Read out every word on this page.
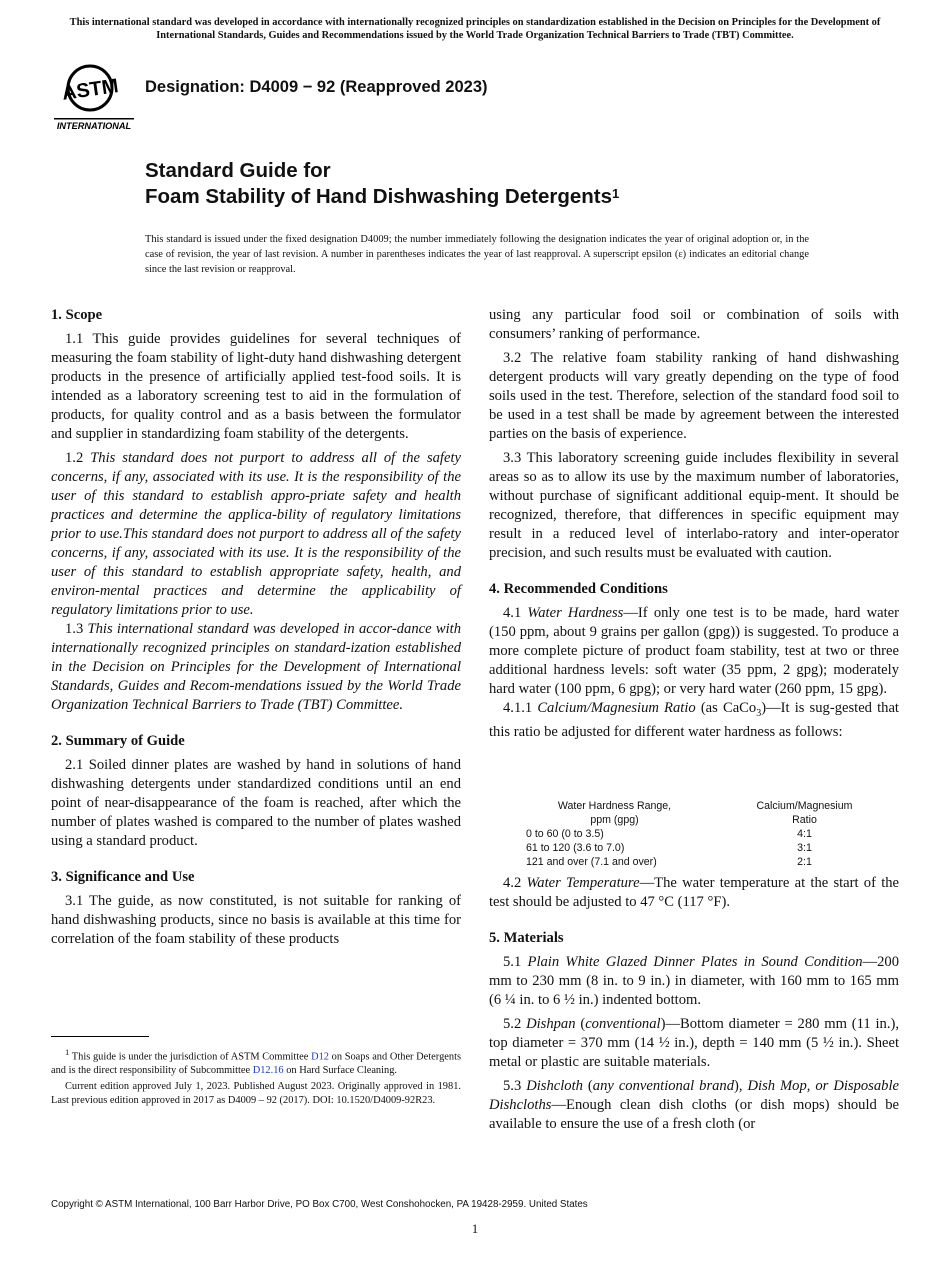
This international standard was developed in accordance with internationally recognized principles on standardization established in the Decision on Principles for the Development of International Standards, Guides and Recommendations issued by the World Trade Organization Technical Barriers to Trade (TBT) Committee.
ASTM
INTERNATIONAL
Designation: D4009 − 92 (Reapproved 2023)
Standard Guide for
Foam Stability of Hand Dishwashing Detergents$^1$
This standard is issued under the fixed designation D4009; the number immediately following the designation indicates the year of original adoption or, in the case of revision, the year of last revision. A number in parentheses indicates the year of last reapproval. A superscript epsilon (ε) indicates an editorial change since the last revision or reapproval.
1. Scope

1.1 This guide provides guidelines for several techniques of measuring the foam stability of light-duty hand dishwashing detergent products in the presence of artificially applied test-food soils. It is intended as a laboratory screening test to aid in the formulation of products, for quality control and as a basis between the formulator and supplier in standardizing foam stability of the detergents.

1.2 This standard does not purport to address all of the safety concerns, if any, associated with its use. It is the responsibility of the user of this standard to establish appro-priate safety and health practices and determine the applica-bility of regulatory limitations prior to use.This standard does not purport to address all of the safety concerns, if any, associated with its use. It is the responsibility of the user of this standard to establish appropriate safety, health, and environ-mental practices and determine the applicability of regulatory limitations prior to use.

1.3 This international standard was developed in accor-dance with internationally recognized principles on standard-ization established in the Decision on Principles for the Development of International Standards, Guides and Recom-mendations issued by the World Trade Organization Technical Barriers to Trade (TBT) Committee.

2. Summary of Guide

2.1 Soiled dinner plates are washed by hand in solutions of hand dishwashing detergents under standardized conditions until an end point of near-disappearance of the foam is reached, after which the number of plates washed is compared to the number of plates washed using a standard product.

3. Significance and Use

3.1 The guide, as now constituted, is not suitable for ranking of hand dishwashing products, since no basis is available at this time for correlation of the foam stability of these products

$^1$ This guide is under the jurisdiction of ASTM Committee D12 on Soaps and Other Detergents and is the direct responsibility of Subcommittee D12.16 on Hard Surface Cleaning.

Current edition approved July 1, 2023. Published August 2023. Originally approved in 1981. Last previous edition approved in 2017 as D4009 – 92 (2017). DOI: 10.1520/D4009-92R23.

using any particular food soil or combination of soils with consumers’ ranking of performance.

3.2 The relative foam stability ranking of hand dishwashing detergent products will vary greatly depending on the type of food soils used in the test. Therefore, selection of the standard food soil to be used in a test shall be made by agreement between the interested parties on the basis of experience.

3.3 This laboratory screening guide includes flexibility in several areas so as to allow its use by the maximum number of laboratories, without purchase of significant additional equip-ment. It should be recognized, therefore, that differences in specific equipment may result in a reduced level of interlabo-ratory and inter-operator precision, and such results must be evaluated with caution.

4. Recommended Conditions

4.1 Water Hardness—If only one test is to be made, hard water (150 ppm, about 9 grains per gallon (gpg)) is suggested. To produce a more complete picture of product foam stability, test at two or three additional hardness levels: soft water (35 ppm, 2 gpg); moderately hard water (100 ppm, 6 gpg); or very hard water (260 ppm, 15 gpg).

4.1.1 Calcium/Magnesium Ratio (as CaCo$_3$)—It is sug-gested that this ratio be adjusted for different water hardness as follows:

Water Hardness Range,
ppm (gpg)	Calcium/Magnesium
Ratio
0 to 60 (0 to 3.5)	4:1
61 to 120 (3.6 to 7.0)	3:1
121 and over (7.1 and over)	2:1

4.2 Water Temperature—The water temperature at the start of the test should be adjusted to 47 °C (117 °F).

5. Materials

5.1 Plain White Glazed Dinner Plates in Sound Condition—200 mm to 230 mm (8 in. to 9 in.) in diameter, with 160 mm to 165 mm (6 ¼ in. to 6 ½ in.) indented bottom.

5.2 Dishpan (conventional)—Bottom diameter = 280 mm (11 in.), top diameter = 370 mm (14 ½ in.), depth = 140 mm (5 ½ in.). Sheet metal or plastic are suitable materials.

5.3 Dishcloth (any conventional brand), Dish Mop, or Disposable Dishcloths—Enough clean dish cloths (or dish mops) should be available to ensure the use of a fresh cloth (or

Copyright © ASTM International, 100 Barr Harbor Drive, PO Box C700, West Conshohocken, PA 19428-2959. United States
1
